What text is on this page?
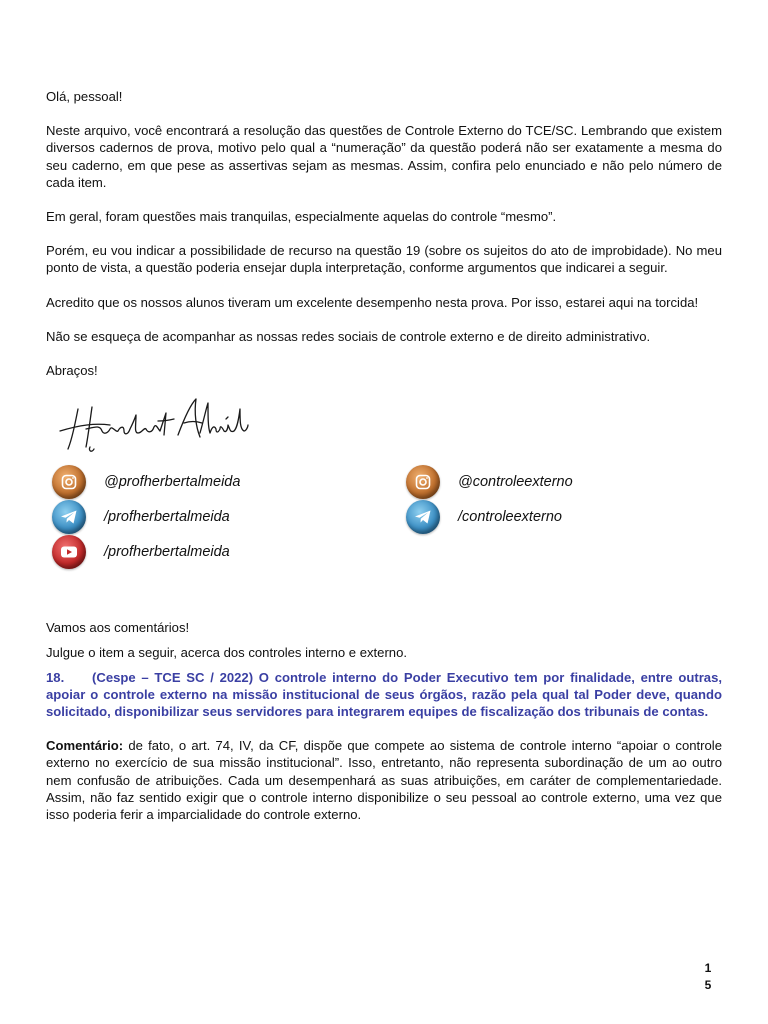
Olá, pessoal!

Neste arquivo, você encontrará a resolução das questões de Controle Externo do TCE/SC. Lembrando que existem diversos cadernos de prova, motivo pelo qual a “numeração” da questão poderá não ser exatamente a mesma do seu caderno, em que pese as assertivas sejam as mesmas. Assim, confira pelo enunciado e não pelo número de cada item.

Em geral, foram questões mais tranquilas, especialmente aquelas do controle “mesmo”.

Porém, eu vou indicar a possibilidade de recurso na questão 19 (sobre os sujeitos do ato de improbidade). No meu ponto de vista, a questão poderia ensejar dupla interpretação, conforme argumentos que indicarei a seguir.

Acredito que os nossos alunos tiveram um excelente desempenho nesta prova. Por isso, estarei aqui na torcida!

Não se esqueça de acompanhar as nossas redes sociais de controle externo e de direito administrativo.

Abraços!

@profherbertalmeida
/profherbertalmeida
/profherbertalmeida
@controleexterno
/controleexterno

Vamos aos comentários!

Julgue o item a seguir, acerca dos controles interno e externo.

18. (Cespe – TCE SC / 2022) O controle interno do Poder Executivo tem por finalidade, entre outras, apoiar o controle externo na missão institucional de seus órgãos, razão pela qual tal Poder deve, quando solicitado, disponibilizar seus servidores para integrarem equipes de fiscalização dos tribunais de contas.

Comentário: de fato, o art. 74, IV, da CF, dispõe que compete ao sistema de controle interno “apoiar o controle externo no exercício de sua missão institucional”. Isso, entretanto, não representa subordinação de um ao outro nem confusão de atribuições. Cada um desempenhará as suas atribuições, em caráter de complementariedade. Assim, não faz sentido exigir que o controle interno disponibilize o seu pessoal ao controle externo, uma vez que isso poderia ferir a imparcialidade do controle externo.

1
5
